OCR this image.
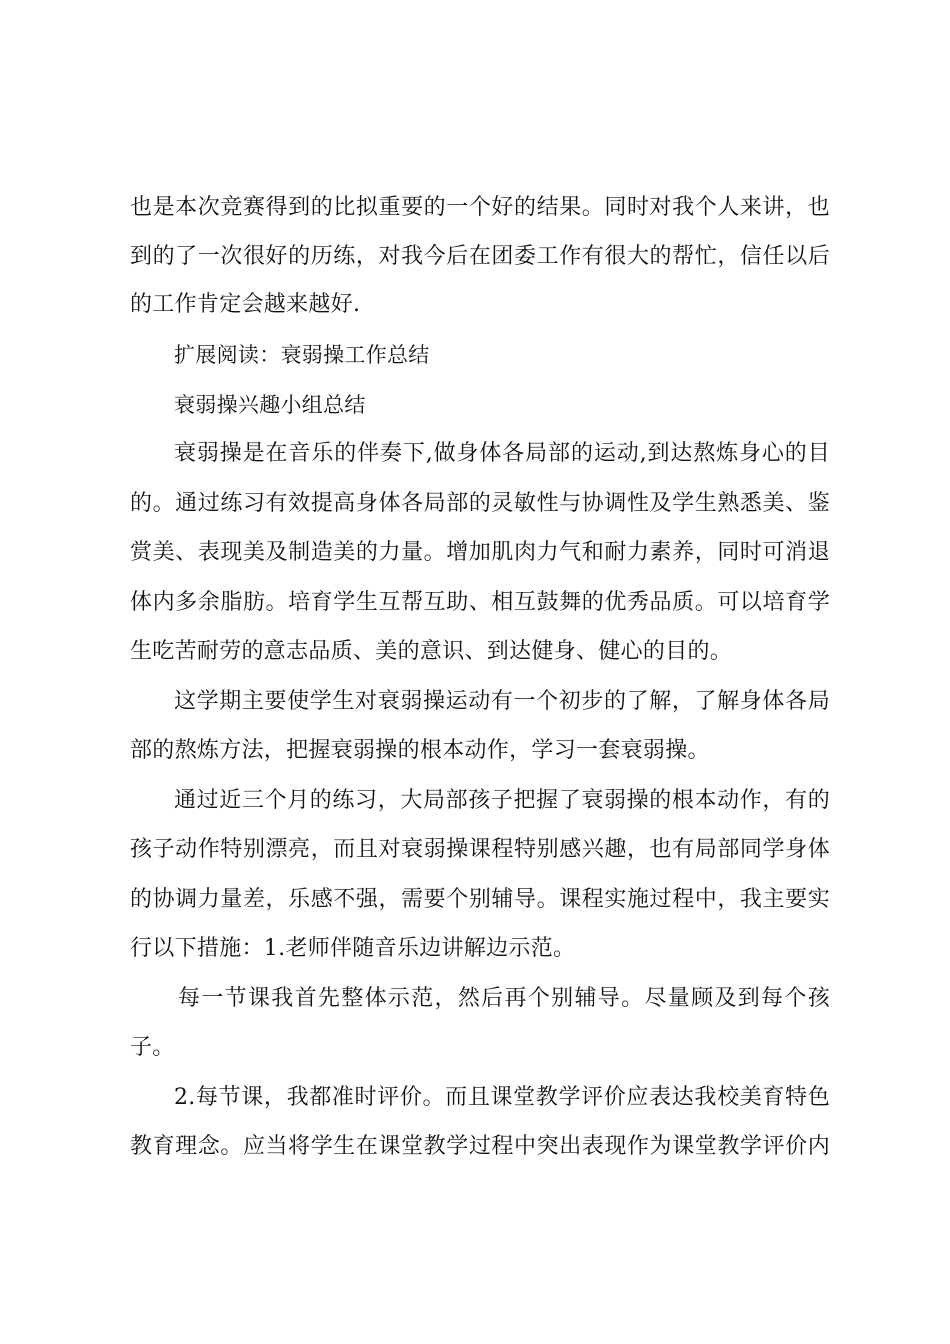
也是本次竞赛得到的比拟重要的一个好的结果。同时对我个人来讲，也
到的了一次很好的历练，对我今后在团委工作有很大的帮忙，信任以后
的工作肯定会越来越好.
扩展阅读：衰弱操工作总结
衰弱操兴趣小组总结
衰弱操是在音乐的伴奏下,做身体各局部的运动,到达熬炼身心的目
的。通过练习有效提高身体各局部的灵敏性与协调性及学生熟悉美、鉴
赏美、表现美及制造美的力量。增加肌肉力气和耐力素养，同时可消退
体内多余脂肪。培育学生互帮互助、相互鼓舞的优秀品质。可以培育学
生吃苦耐劳的意志品质、美的意识、到达健身、健心的目的。
这学期主要使学生对衰弱操运动有一个初步的了解，了解身体各局
部的熬炼方法，把握衰弱操的根本动作，学习一套衰弱操。
通过近三个月的练习，大局部孩子把握了衰弱操的根本动作，有的
孩子动作特别漂亮，而且对衰弱操课程特别感兴趣，也有局部同学身体
的协调力量差，乐感不强，需要个别辅导。课程实施过程中，我主要实
行以下措施：1.老师伴随音乐边讲解边示范。
每一节课我首先整体示范，然后再个别辅导。尽量顾及到每个孩
子。
2.每节课，我都准时评价。而且课堂教学评价应表达我校美育特色
教育理念。应当将学生在课堂教学过程中突出表现作为课堂教学评价内
